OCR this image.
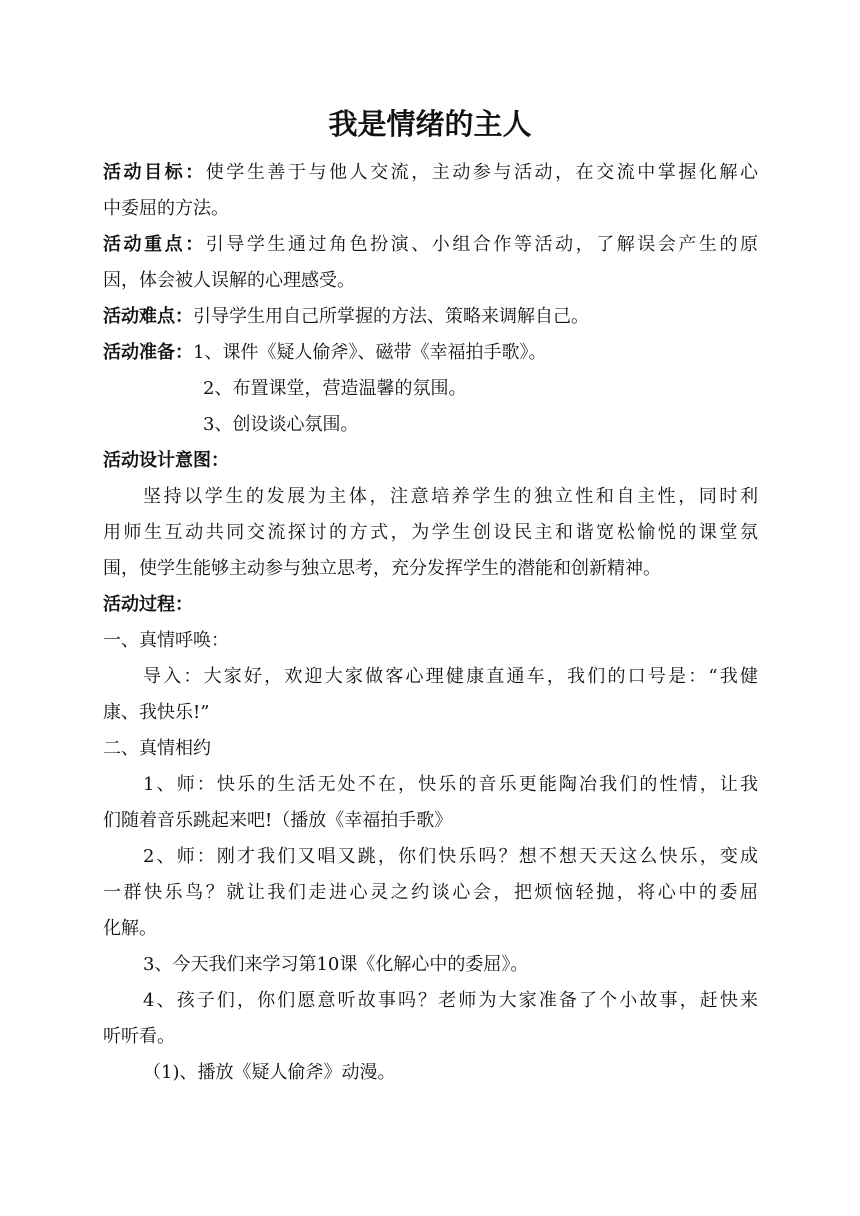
我是情绪的主人
活动目标：使学生善于与他人交流，主动参与活动，在交流中掌握化解心
中委屈的方法。
活动重点：引导学生通过角色扮演、小组合作等活动，了解误会产生的原
因，体会被人误解的心理感受。
活动难点：引导学生用自己所掌握的方法、策略来调解自己。
活动准备：1、课件《疑人偷斧》、磁带《幸福拍手歌》。
2、布置课堂，营造温馨的氛围。
3、创设谈心氛围。
活动设计意图：
坚持以学生的发展为主体，注意培养学生的独立性和自主性，同时利
用师生互动共同交流探讨的方式，为学生创设民主和谐宽松愉悦的课堂氛
围，使学生能够主动参与独立思考，充分发挥学生的潜能和创新精神。
活动过程：
一、真情呼唤：
导入：大家好，欢迎大家做客心理健康直通车，我们的口号是：“我健
康、我快乐!”
二、真情相约
1、师：快乐的生活无处不在，快乐的音乐更能陶冶我们的性情，让我
们随着音乐跳起来吧!（播放《幸福拍手歌》
2、师：刚才我们又唱又跳，你们快乐吗？想不想天天这么快乐，变成
一群快乐鸟？就让我们走进心灵之约谈心会，把烦恼轻抛，将心中的委屈
化解。
3、今天我们来学习第10课《化解心中的委屈》。
4、孩子们，你们愿意听故事吗？老师为大家准备了个小故事，赶快来
听听看。
（1)、播放《疑人偷斧》动漫。
